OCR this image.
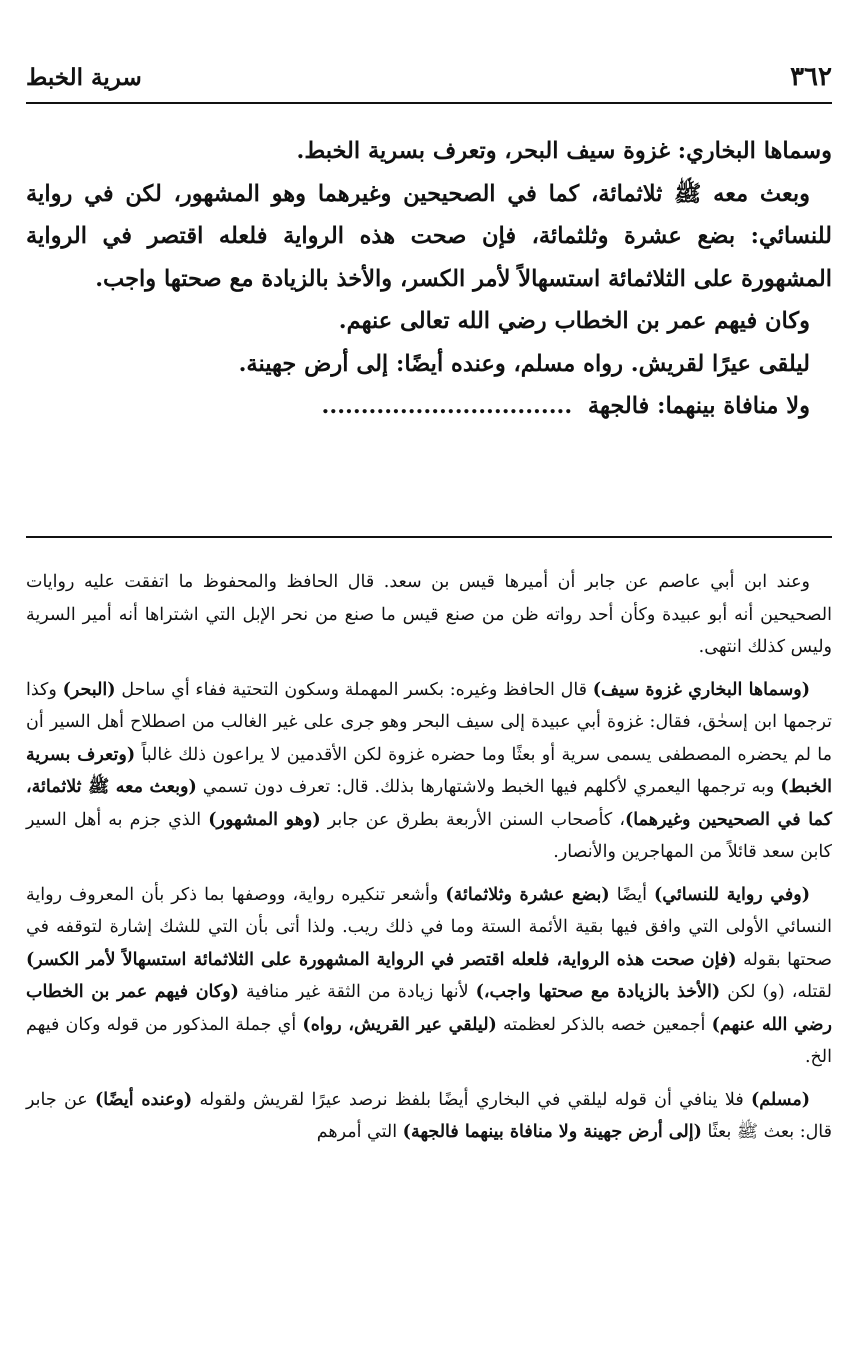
٣٦٢
سرية الخبط

وسماها البخاري: غزوة سيف البحر، وتعرف بسرية الخبط.

وبعث معه ﷺ ثلاثمائة، كما في الصحيحين وغيرهما وهو المشهور، لكن في رواية للنسائي: بضع عشرة وثلثمائة، فإن صحت هذه الرواية فلعله اقتصر في الرواية المشهورة على الثلاثمائة استسهالاً لأمر الكسر، والأخذ بالزيادة مع صحتها واجب.

وكان فيهم عمر بن الخطاب رضي الله تعالى عنهم.

ليلقى عيرًا لقريش. رواه مسلم، وعنده أيضًا: إلى أرض جهينة.

ولا منافاة بينهما: فالجهة  ................................

وعند ابن أبي عاصم عن جابر أن أميرها قيس بن سعد. قال الحافظ والمحفوظ ما اتفقت عليه روايات الصحيحين أنه أبو عبيدة وكأن أحد رواته ظن من صنع قيس ما صنع من نحر الإبل التي اشتراها أنه أمير السرية وليس كذلك انتهى.

(وسماها البخاري غزوة سيف) قال الحافظ وغيره: بكسر المهملة وسكون التحتية ففاء أي ساحل (البحر) وكذا ترجمها ابن إسحٰق، فقال: غزوة أبي عبيدة إلى سيف البحر وهو جرى على غير الغالب من اصطلاح أهل السير أن ما لم يحضره المصطفى يسمى سرية أو بعثًا وما حضره غزوة لكن الأقدمين لا يراعون ذلك غالباً (وتعرف بسرية الخبط) وبه ترجمها اليعمري لأكلهم فيها الخبط ولاشتهارها بذلك. قال: تعرف دون تسمي (وبعث معه ﷺ ثلاثمائة، كما في الصحيحين وغيرهما)، كأصحاب السنن الأربعة بطرق عن جابر (وهو المشهور) الذي جزم به أهل السير كابن سعد قائلاً من المهاجرين والأنصار.

(وفي رواية للنسائي) أيضًا (بضع عشرة وثلاثمائة) وأشعر تنكيره رواية، ووصفها بما ذكر بأن المعروف رواية النسائي الأولى التي وافق فيها بقية الأئمة الستة وما في ذلك ريب. ولذا أتى بأن التي للشك إشارة لتوقفه في صحتها بقوله (فإن صحت هذه الرواية، فلعله اقتصر في الرواية المشهورة على الثلاثمائة استسهالاً لأمر الكسر) لقتله، (و) لكن (الأخذ بالزيادة مع صحتها واجب،) لأنها زيادة من الثقة غير منافية (وكان فيهم عمر بن الخطاب رضي الله عنهم) أجمعين خصه بالذكر لعظمته (ليلقي عير القريش، رواه) أي جملة المذكور من قوله وكان فيهم الخ.

(مسلم) فلا ينافي أن قوله ليلقي في البخاري أيضًا بلفظ نرصد عيرًا لقريش ولقوله (وعنده أيضًا) عن جابر قال: بعث ﷺ بعثًا (إلى أرض جهينة ولا منافاة بينهما فالجهة) التي أمرهم
